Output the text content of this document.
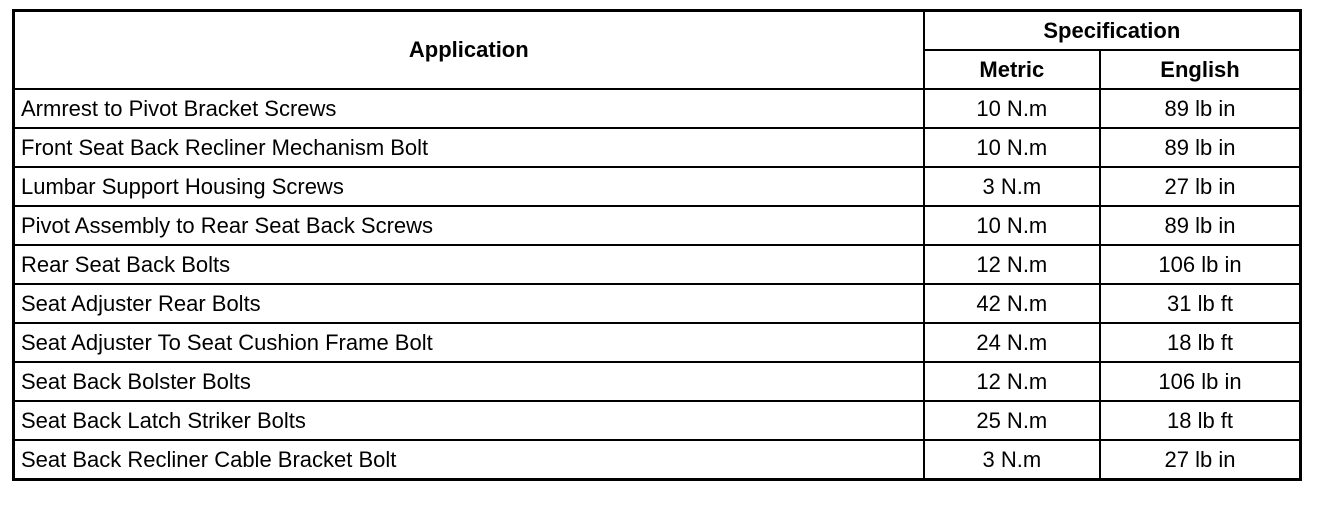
Application	Specification	
	Metric	English
Armrest to Pivot Bracket Screws	10 N.m	89 lb in
Front Seat Back Recliner Mechanism Bolt	10 N.m	89 lb in
Lumbar Support Housing Screws	3 N.m	27 lb in
Pivot Assembly to Rear Seat Back Screws	10 N.m	89 lb in
Rear Seat Back Bolts	12 N.m	106 lb in
Seat Adjuster Rear Bolts	42 N.m	31 lb ft
Seat Adjuster To Seat Cushion Frame Bolt	24 N.m	18 lb ft
Seat Back Bolster Bolts	12 N.m	106 lb in
Seat Back Latch Striker Bolts	25 N.m	18 lb ft
Seat Back Recliner Cable Bracket Bolt	3 N.m	27 lb in
